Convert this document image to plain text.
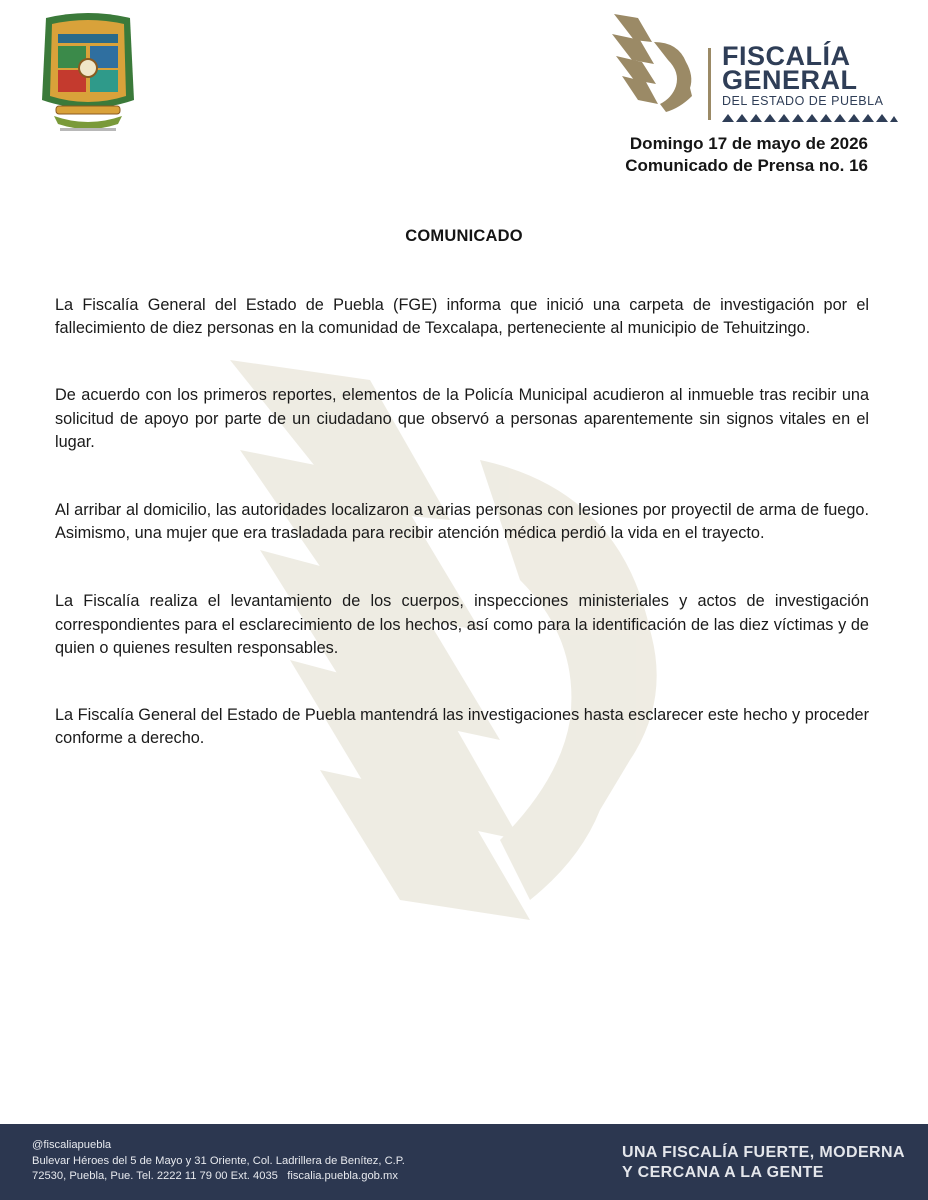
FISCALÍA
GENERAL
DEL ESTADO DE PUEBLA
Domingo 17 de mayo de 2026
Comunicado de Prensa no. 16
COMUNICADO

La Fiscalía General del Estado de Puebla (FGE) informa que inició una carpeta de investigación por el fallecimiento de diez personas en la comunidad de Texcalapa, perteneciente al municipio de Tehuitzingo.

De acuerdo con los primeros reportes, elementos de la Policía Municipal acudieron al inmueble tras recibir una solicitud de apoyo por parte de un ciudadano que observó a personas aparentemente sin signos vitales en el lugar.

Al arribar al domicilio, las autoridades localizaron a varias personas con lesiones por proyectil de arma de fuego. Asimismo, una mujer que era trasladada para recibir atención médica perdió la vida en el trayecto.

La Fiscalía realiza el levantamiento de los cuerpos, inspecciones ministeriales y actos de investigación correspondientes para el esclarecimiento de los hechos, así como para la identificación de las diez víctimas y de quien o quienes resulten responsables.

La Fiscalía General del Estado de Puebla mantendrá las investigaciones hasta esclarecer este hecho y proceder conforme a derecho.

@fiscaliapuebla
Bulevar Héroes del 5 de Mayo y 31 Oriente, Col. Ladrillera de Benítez, C.P.
72530, Puebla, Pue. Tel. 2222 11 79 00 Ext. 4035 fiscalia.puebla.gob.mx
UNA FISCALÍA FUERTE, MODERNA
Y CERCANA A LA GENTE
